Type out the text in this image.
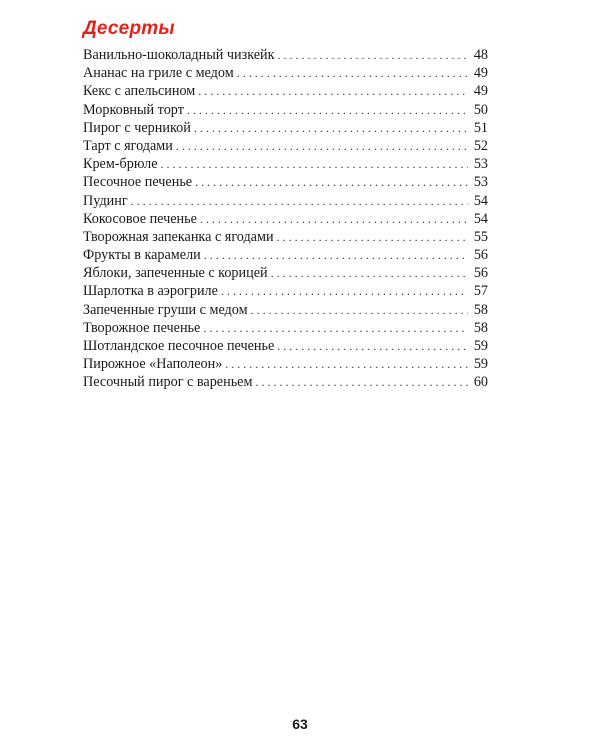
Десерты
Ванильно-шоколадный чизкейк . . .	48
Ананас на гриле с медом . . .	49
Кекс с апельсином . . .	49
Морковный торт . . .	50
Пирог с черникой . . .	51
Тарт с ягодами . . .	52
Крем-брюле . . .	53
Песочное печенье . . .	53
Пудинг . . .	54
Кокосовое печенье . . .	54
Творожная запеканка с ягодами . . .	55
Фрукты в карамели . . .	56
Яблоки, запеченные с корицей . . .	56
Шарлотка в аэрогриле . . .	57
Запеченные груши с медом . . .	58
Творожное печенье . . .	58
Шотландское песочное печенье . . .	59
Пирожное «Наполеон» . . .	59
Песочный пирог с вареньем . . .	60
63
